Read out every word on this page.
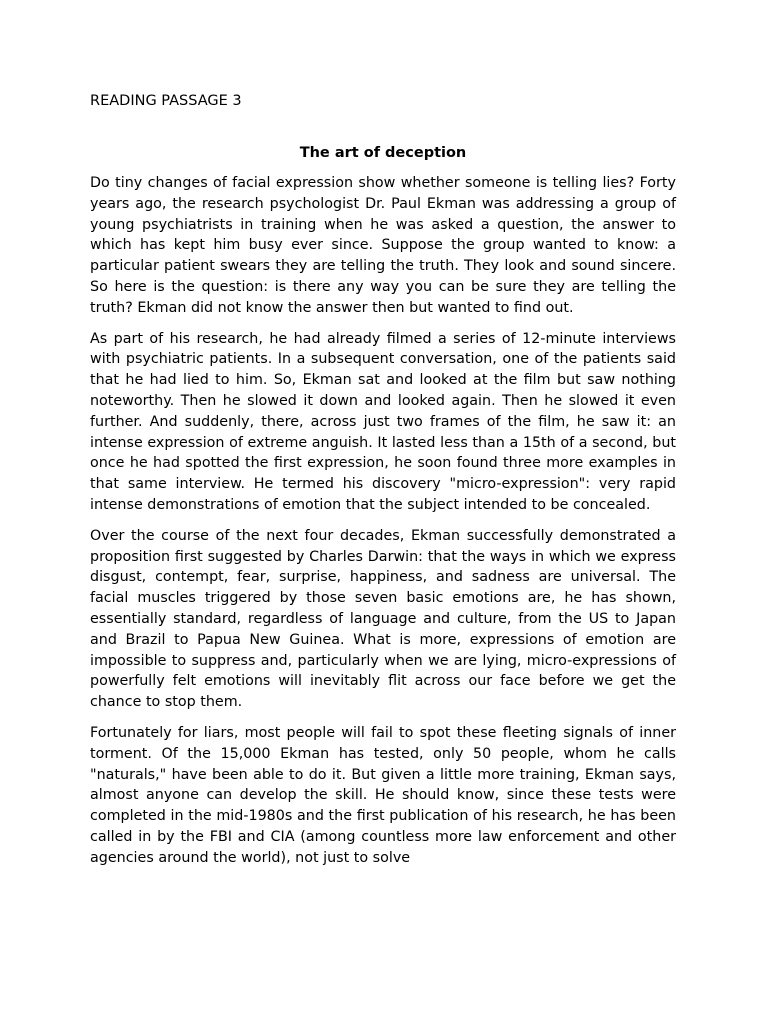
READING PASSAGE 3
The art of deception

Do tiny changes of facial expression show whether someone is telling lies? Forty years ago, the research psychologist Dr. Paul Ekman was addressing a group of young psychiatrists in training when he was asked a question, the answer to which has kept him busy ever since. Suppose the group wanted to know: a particular patient swears they are telling the truth. They look and sound sincere. So here is the question: is there any way you can be sure they are telling the truth? Ekman did not know the answer then but wanted to find out.

As part of his research, he had already filmed a series of 12-minute interviews with psychiatric patients. In a subsequent conversation, one of the patients said that he had lied to him. So, Ekman sat and looked at the film but saw nothing noteworthy. Then he slowed it down and looked again. Then he slowed it even further. And suddenly, there, across just two frames of the film, he saw it: an intense expression of extreme anguish. It lasted less than a 15th of a second, but once he had spotted the first expression, he soon found three more examples in that same interview. He termed his discovery "micro-expression": very rapid intense demonstrations of emotion that the subject intended to be concealed.

Over the course of the next four decades, Ekman successfully demonstrated a proposition first suggested by Charles Darwin: that the ways in which we express disgust, contempt, fear, surprise, happiness, and sadness are universal. The facial muscles triggered by those seven basic emotions are, he has shown, essentially standard, regardless of language and culture, from the US to Japan and Brazil to Papua New Guinea. What is more, expressions of emotion are impossible to suppress and, particularly when we are lying, micro-expressions of powerfully felt emotions will inevitably flit across our face before we get the chance to stop them.

Fortunately for liars, most people will fail to spot these fleeting signals of inner torment. Of the 15,000 Ekman has tested, only 50 people, whom he calls "naturals," have been able to do it. But given a little more training, Ekman says, almost anyone can develop the skill. He should know, since these tests were completed in the mid-1980s and the first publication of his research, he has been called in by the FBI and CIA (among countless more law enforcement and other agencies around the world), not just to solve
